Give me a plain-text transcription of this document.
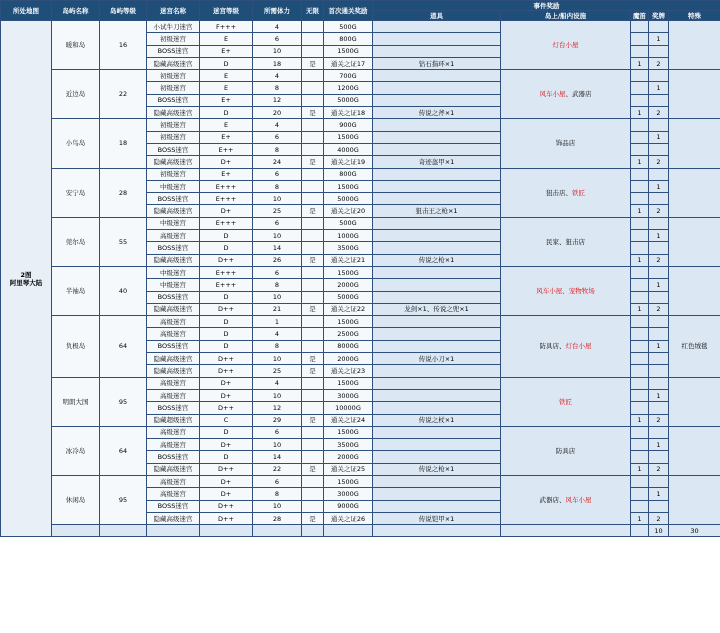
所处地图	岛屿名称	岛屿等级	迷宫名称	迷宫等级	所需体力	无限	首次通关奖励	事件奖励					
								道具	岛上/船内设施	魔笛	奖牌	特殊	
2图
阿里琴大陆	暖和岛	16	小试牛刀迷宫	F+++	4		500G		灯台小屋				
			初级迷宫	E	6		800G				1		
			BOSS迷宫	E+	10		1500G						
			隐藏高级迷宫	D	18	是	通关之证17	钻石指环×1		1	2		
	近边岛	22	初级迷宫	E	4		700G		风车小屋、武器店				
			初级迷宫	E	8		1200G				1		
			BOSS迷宫	E+	12		5000G						
			隐藏高级迷宫	D	20	是	通关之证18	传说之斧×1		1	2		
	小鸟岛	18	初级迷宫	E	4		900G		饰品店				
			初级迷宫	E+	6		1500G				1		
			BOSS迷宫	E++	8		4000G						
			隐藏高级迷宫	D+	24	是	通关之证19	奇迹盔甲×1		1	2		
	安宁岛	28	初级迷宫	E+	6		800G		狙击店、铁匠				
			中级迷宫	E+++	8		1500G				1		
			BOSS迷宫	E+++	10		5000G						
			隐藏高级迷宫	D+	25	是	通关之证20	狙击王之枪×1		1	2		
	莞尔岛	55	中级迷宫	E+++	6		500G		民家、狙击店				
			高级迷宫	D	10		1000G				1		
			BOSS迷宫	D	14		3500G						
			隐藏高级迷宫	D++	26	是	通关之证21	传说之枪×1		1	2		
	半袖岛	40	中级迷宫	E+++	6		1500G		风车小屋、宠物牧场				
			中级迷宫	E+++	8		2000G				1		
			BOSS迷宫	D	10		5000G						
			隐藏高级迷宫	D++	21	是	通关之证22	龙剑×1、传说之兜×1		1	2		
	负极岛	64	高级迷宫	D	1		1500G		防具店、灯台小屋			红色绒毯	
			高级迷宫	D	4		2500G						
			BOSS迷宫	D	8		8000G				1		
			隐藏高级迷宫	D++	10	是	2000G	传说小刀×1					
			隐藏高级迷宫	D++	25	是	通关之证23						
	明朗大国	95	高级迷宫	D+	4		1500G		铁匠				
			高级迷宫	D+	10		3000G				1		
			BOSS迷宫	D++	12		10000G						
			隐藏超级迷宫	C	29	是	通关之证24	传说之杖×1		1	2		
	冰冷岛	64	高级迷宫	D	6		1500G		防具店				
			高级迷宫	D+	10		3500G				1		
			BOSS迷宫	D	14		2000G						
			隐藏高级迷宫	D++	22	是	通关之证25	传说之枪×1		1	2		
	休闲岛	95	高级迷宫	D+	6		1500G		武器店、风车小屋				
			高级迷宫	D+	8		3000G				1		
			BOSS迷宫	D++	10		9000G						
			隐藏高级迷宫	D++	28	是	通关之证26	传说铠甲×1		1	2		
											10	30	
